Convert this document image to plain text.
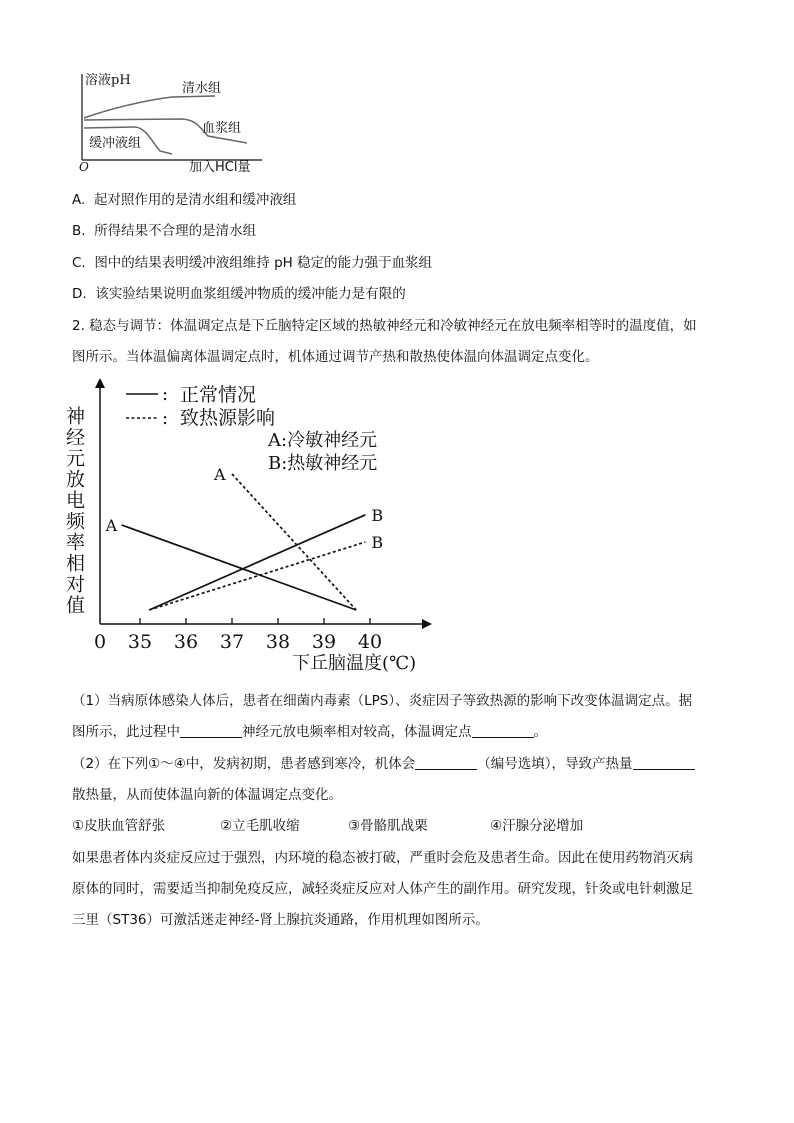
溶液pH
加入HCl量
O
清水组
血浆组
缓冲液组
A. 起对照作用的是清水组和缓冲液组
B. 所得结果不合理的是清水组
C. 图中的结果表明缓冲液组维持 pH 稳定的能力强于血浆组
D. 该实验结果说明血浆组缓冲物质的缓冲能力是有限的
2. 稳态与调节：体温调定点是下丘脑特定区域的热敏神经元和冷敏神经元在放电频率相等时的温度值，如
图所示。当体温偏离体温调定点时，机体通过调节产热和散热使体温向体温调定点变化。
神经元放电频率相对值
下丘脑温度(℃)
: 正常情况
: 致热源影响
A:冷敏神经元
B:热敏神经元
0 35 36 37 38 39 40
A
A
B
B
（1）当病原体感染人体后，患者在细菌内毒素（LPS）、炎症因子等致热源的影响下改变体温调定点。据
图所示，此过程中	神经元放电频率相对较高，体温调定点	。
（2）在下列①～④中，发病初期，患者感到寒冷，机体会	（编号选填），导致产热量
散热量，从而使体温向新的体温调定点变化。
①皮肤血管舒张	②立毛肌收缩	③骨骼肌战栗	④汗腺分泌增加
如果患者体内炎症反应过于强烈，内环境的稳态被打破，严重时会危及患者生命。因此在使用药物消灭病
原体的同时，需要适当抑制免疫反应，减轻炎症反应对人体产生的副作用。研究发现，针灸或电针刺激足
三里（ST36）可激活迷走神经-肾上腺抗炎通路，作用机理如图所示。
